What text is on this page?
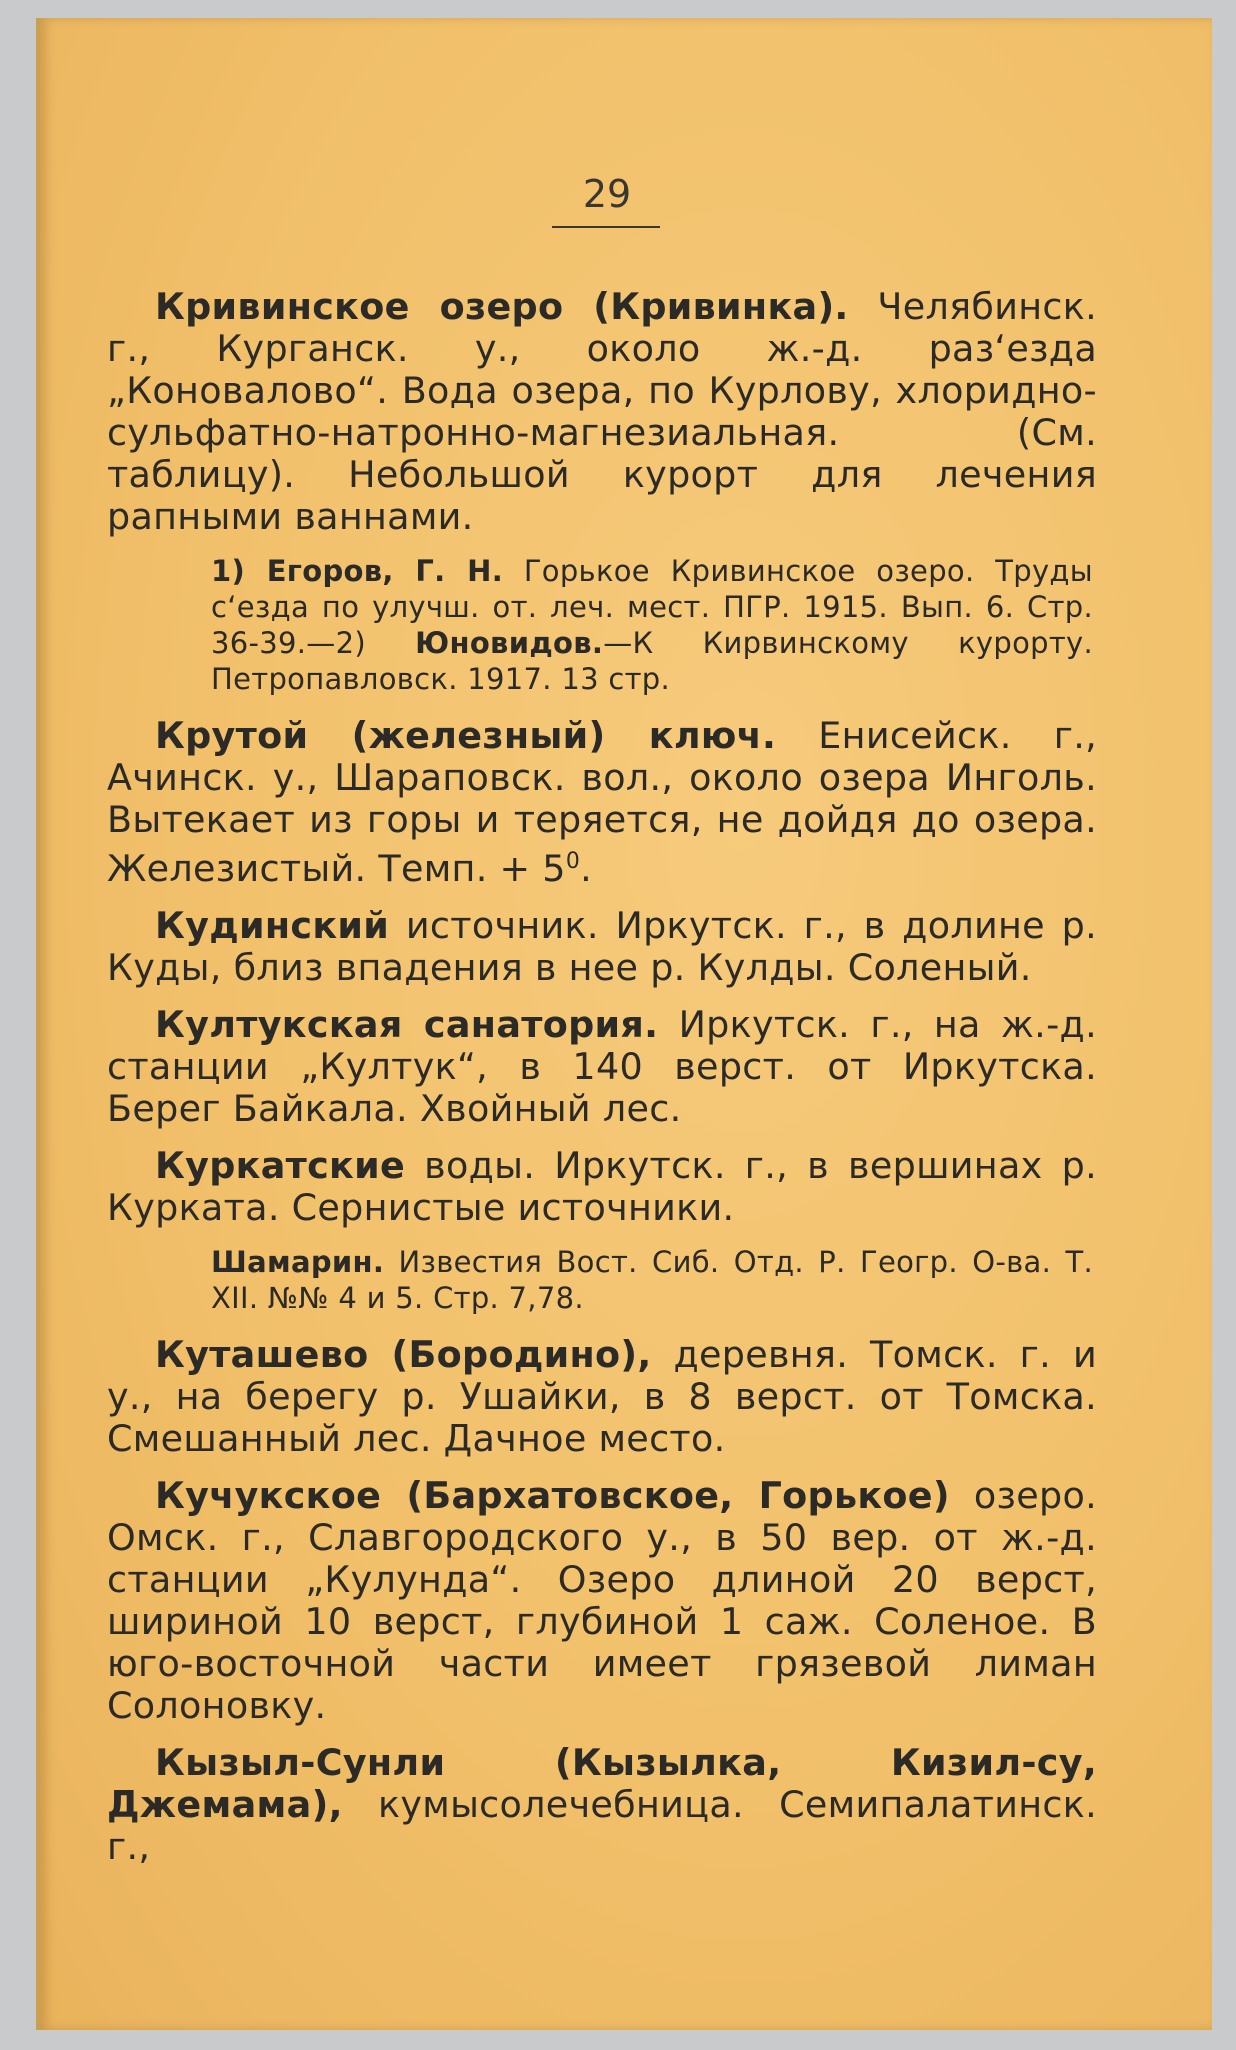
29

Кривинское озеро (Кривинка). Челябинск. г., Курганск. у., около ж.-д. раз‘езда „Коновалово“. Вода озера, по Курлову, хлоридно-сульфатно-натронно-магнезиальная. (См. таблицу). Небольшой курорт для лечения рапными ваннами.

1) Егоров, Г. Н. Горькое Кривинское озеро. Труды с‘езда по улучш. от. леч. мест. ПГР. 1915. Вып. 6. Стр. 36-39.—2) Юновидов.—К Кирвинскому курорту. Петропавловск. 1917. 13 стр.

Крутой (железный) ключ. Енисейск. г., Ачинск. у., Шараповск. вол., около озера Инголь. Вытекает из горы и теряется, не дойдя до озера. Железистый. Темп. + $5^0$.

Кудинский источник. Иркутск. г., в долине р. Куды, близ впадения в нее р. Кулды. Соленый.

Култукская санатория. Иркутск. г., на ж.-д. станции „Култук“, в 140 верст. от Иркутска. Берег Байкала. Хвойный лес.

Куркатские воды. Иркутск. г., в вершинах р. Курката. Сернистые источники.

Шамарин. Известия Вост. Сиб. Отд. Р. Геогр. О-ва. Т. XII. №№ 4 и 5. Стр. 7,78.

Куташево (Бородино), деревня. Томск. г. и у., на берегу р. Ушайки, в 8 верст. от Томска. Смешанный лес. Дачное место.

Кучукское (Бархатовское, Горькое) озеро. Омск. г., Славгородского у., в 50 вер. от ж.-д. станции „Кулунда“. Озеро длиной 20 верст, шириной 10 верст, глубиной 1 саж. Соленое. В юго-восточной части имеет грязевой лиман Солоновку.

Кызыл-Сунли (Кызылка, Кизил-су, Джемама), кумысолечебница. Семипалатинск. г.,
